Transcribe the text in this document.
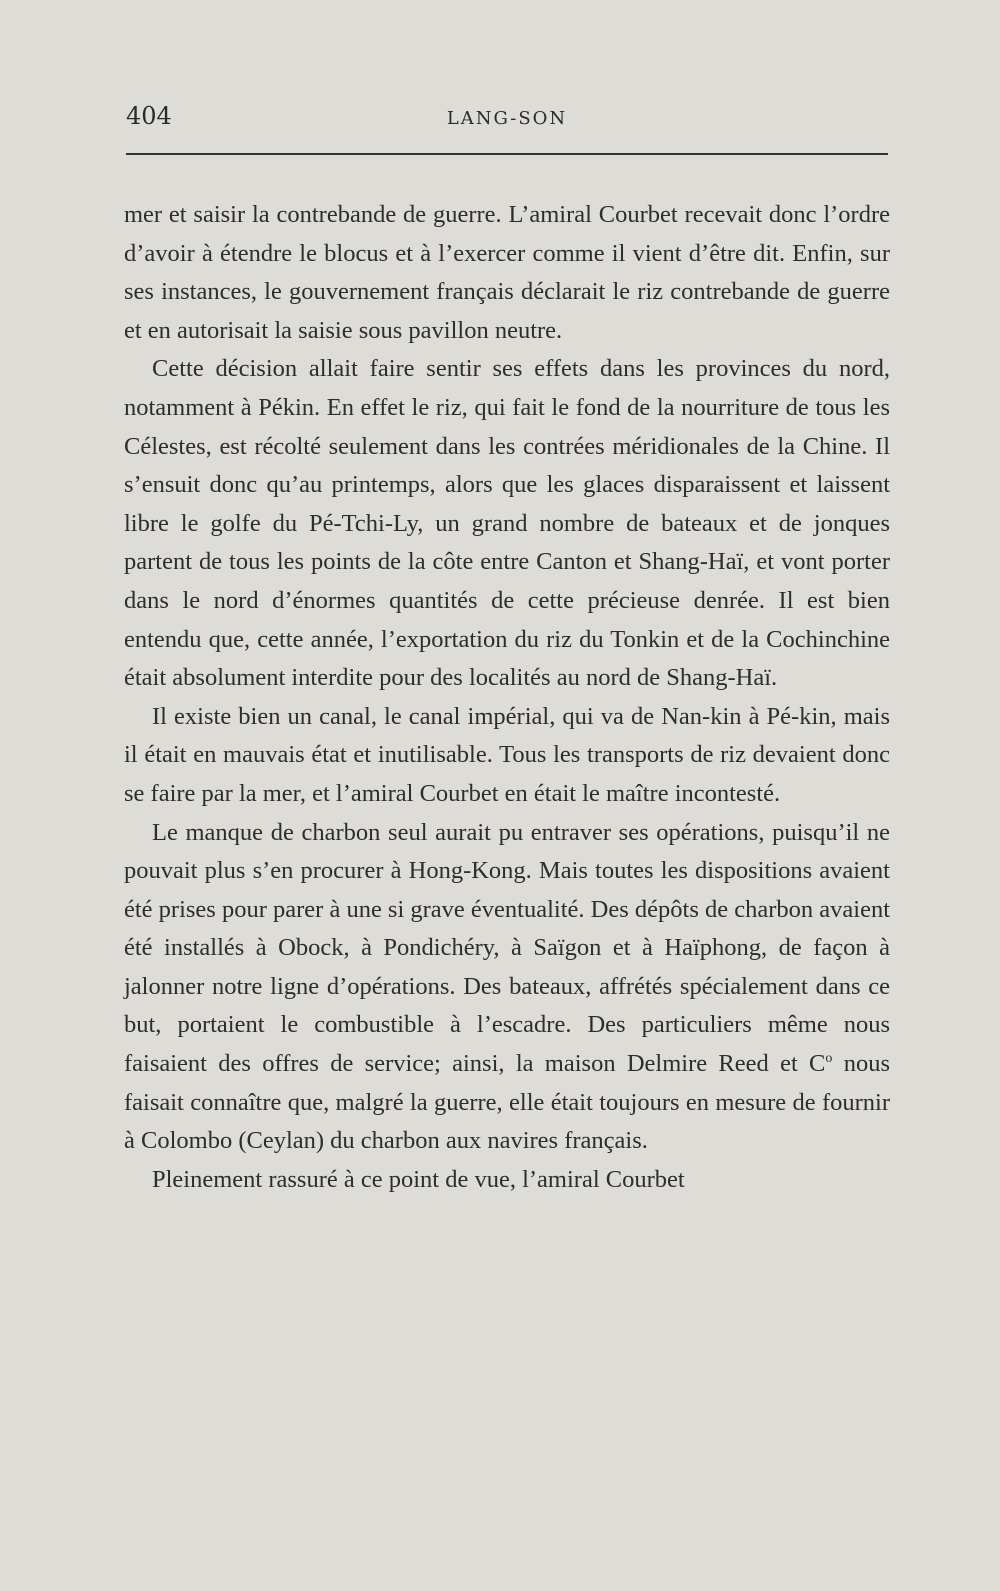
404	LANG-SON

mer et saisir la contrebande de guerre. L’amiral Courbet recevait donc l’ordre d’avoir à étendre le blocus et à l’exercer comme il vient d’être dit. Enfin, sur ses instances, le gouvernement français déclarait le riz contrebande de guerre et en autorisait la saisie sous pavillon neutre.

Cette décision allait faire sentir ses effets dans les provinces du nord, notamment à Pékin. En effet le riz, qui fait le fond de la nourriture de tous les Célestes, est récolté seulement dans les contrées méridionales de la Chine. Il s’ensuit donc qu’au printemps, alors que les glaces disparaissent et laissent libre le golfe du Pé-Tchi-Ly, un grand nombre de bateaux et de jonques partent de tous les points de la côte entre Canton et Shang-Haï, et vont porter dans le nord d’énormes quantités de cette précieuse denrée. Il est bien entendu que, cette année, l’exportation du riz du Tonkin et de la Cochinchine était absolument interdite pour des localités au nord de Shang-Haï.

Il existe bien un canal, le canal impérial, qui va de Nan-kin à Pé-kin, mais il était en mauvais état et inutilisable. Tous les transports de riz devaient donc se faire par la mer, et l’amiral Courbet en était le maître incontesté.

Le manque de charbon seul aurait pu entraver ses opérations, puisqu’il ne pouvait plus s’en procurer à Hong-Kong. Mais toutes les dispositions avaient été prises pour parer à une si grave éventualité. Des dépôts de charbon avaient été installés à Obock, à Pondichéry, à Saïgon et à Haïphong, de façon à jalonner notre ligne d’opérations. Des bateaux, affrétés spécialement dans ce but, portaient le combustible à l’escadre. Des particuliers même nous faisaient des offres de service; ainsi, la maison Delmire Reed et $C^o$ nous faisait connaître que, malgré la guerre, elle était toujours en mesure de fournir à Colombo (Ceylan) du charbon aux navires français.

Pleinement rassuré à ce point de vue, l’amiral Courbet
